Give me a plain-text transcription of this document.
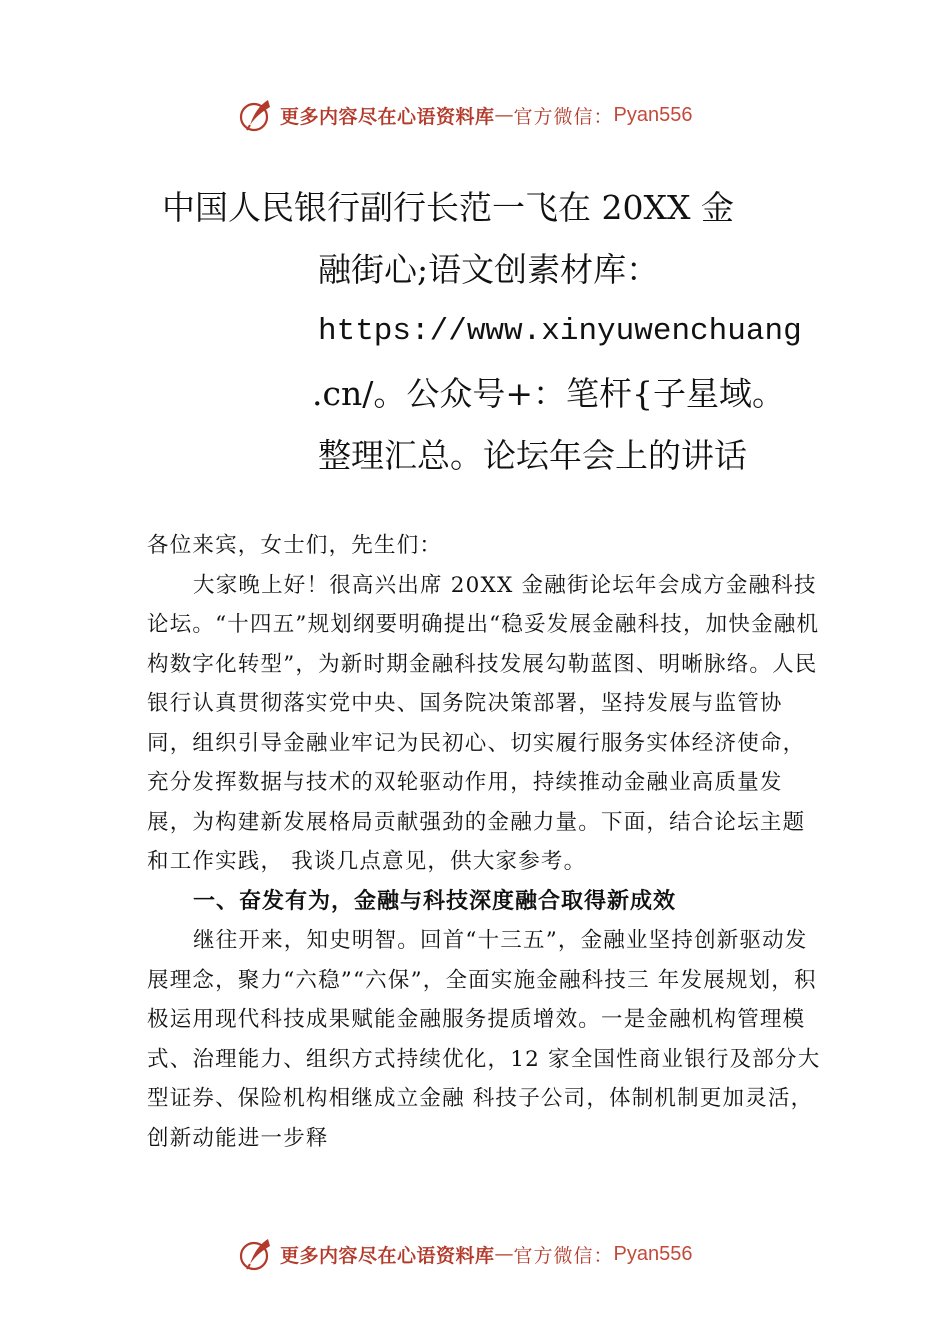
更多内容尽在心语资料库 — 官方微信： Pyan556
中国人民银行副行长范一飞在 20XX 金
融街心;语文创素材库：
https://www.xinyuwenchuang
.cn/。公众号+：笔杆{子星域。
整理汇总。论坛年会上的讲话

各位来宾，女士们，先生们：

大家晚上好！很高兴出席 20XX 金融街论坛年会成方金融科技论坛。“十四五”规划纲要明确提出“稳妥发展金融科技，加快金融机构数字化转型”，为新时期金融科技发展勾勒蓝图、明晰脉络。人民银行认真贯彻落实党中央、国务院决策部署，坚持发展与监管协同，组织引导金融业牢记为民初心、切实履行服务实体经济使命，充分发挥数据与技术的双轮驱动作用，持续推动金融业高质量发展，为构建新发展格局贡献强劲的金融力量。下面，结合论坛主题和工作实践， 我谈几点意见，供大家参考。

一、奋发有为，金融与科技深度融合取得新成效

继往开来，知史明智。回首“十三五”，金融业坚持创新驱动发展理念，聚力“六稳”“六保”，全面实施金融科技三 年发展规划，积极运用现代科技成果赋能金融服务提质增效。一是金融机构管理模式、治理能力、组织方式持续优化，12 家全国性商业银行及部分大型证券、保险机构相继成立金融 科技子公司，体制机制更加灵活，创新动能进一步释

更多内容尽在心语资料库 — 官方微信： Pyan556
